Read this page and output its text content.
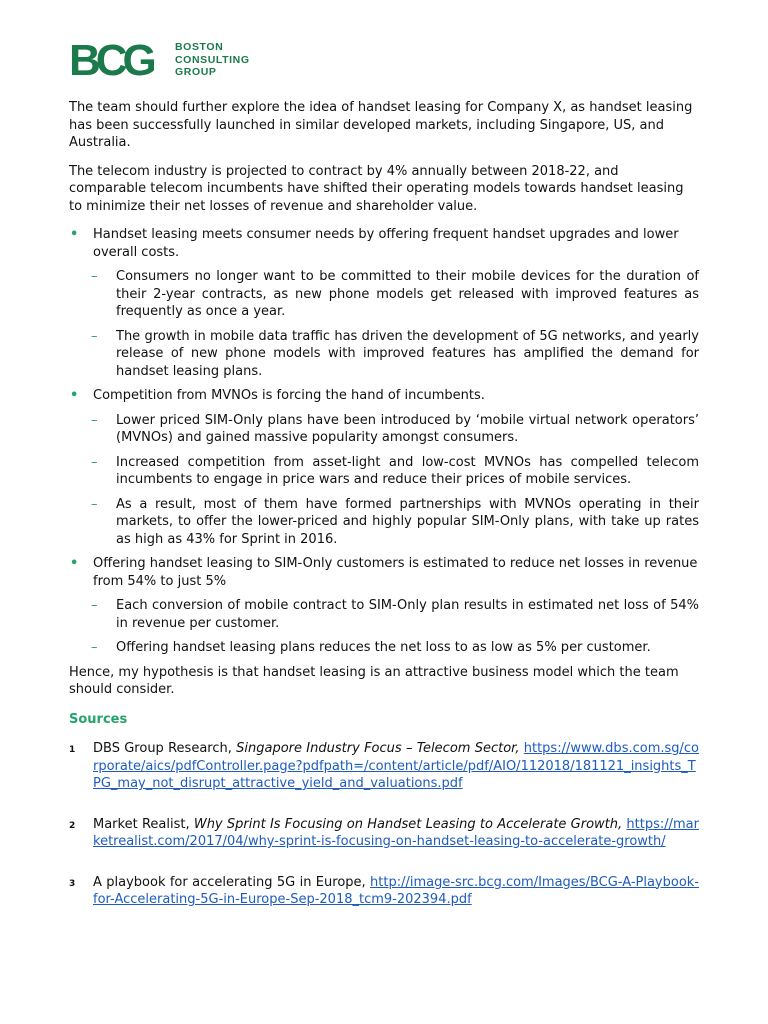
BCG BOSTON
CONSULTING
GROUP

The team should further explore the idea of handset leasing for Company X, as handset leasing has been successfully launched in similar developed markets, including Singapore, US, and Australia.

The telecom industry is projected to contract by 4% annually between 2018-22, and comparable telecom incumbents have shifted their operating models towards handset leasing to minimize their net losses of revenue and shareholder value.

• Handset leasing meets consumer needs by offering frequent handset upgrades and lower overall costs.
– Consumers no longer want to be committed to their mobile devices for the duration of their 2-year contracts, as new phone models get released with improved features as frequently as once a year.
– The growth in mobile data traffic has driven the development of 5G networks, and yearly release of new phone models with improved features has amplified the demand for handset leasing plans.
• Competition from MVNOs is forcing the hand of incumbents.
– Lower priced SIM-Only plans have been introduced by ‘mobile virtual network operators’ (MVNOs) and gained massive popularity amongst consumers.
– Increased competition from asset-light and low-cost MVNOs has compelled telecom incumbents to engage in price wars and reduce their prices of mobile services.
– As a result, most of them have formed partnerships with MVNOs operating in their markets, to offer the lower-priced and highly popular SIM-Only plans, with take up rates as high as 43% for Sprint in 2016.
• Offering handset leasing to SIM-Only customers is estimated to reduce net losses in revenue from 54% to just 5%
– Each conversion of mobile contract to SIM-Only plan results in estimated net loss of 54% in revenue per customer.
– Offering handset leasing plans reduces the net loss to as low as 5% per customer.

Hence, my hypothesis is that handset leasing is an attractive business model which the team should consider.

Sources
1 DBS Group Research, Singapore Industry Focus – Telecom Sector, https://www.dbs.com.sg/corporate/aics/pdfController.page?pdfpath=/content/article/pdf/AIO/112018/181121_insights_TPG_may_not_disrupt_attractive_yield_and_valuations.pdf
2 Market Realist, Why Sprint Is Focusing on Handset Leasing to Accelerate Growth, https://marketrealist.com/2017/04/why-sprint-is-focusing-on-handset-leasing-to-accelerate-growth/
3 A playbook for accelerating 5G in Europe, http://image-src.bcg.com/Images/BCG-A-Playbook-for-Accelerating-5G-in-Europe-Sep-2018_tcm9-202394.pdf
